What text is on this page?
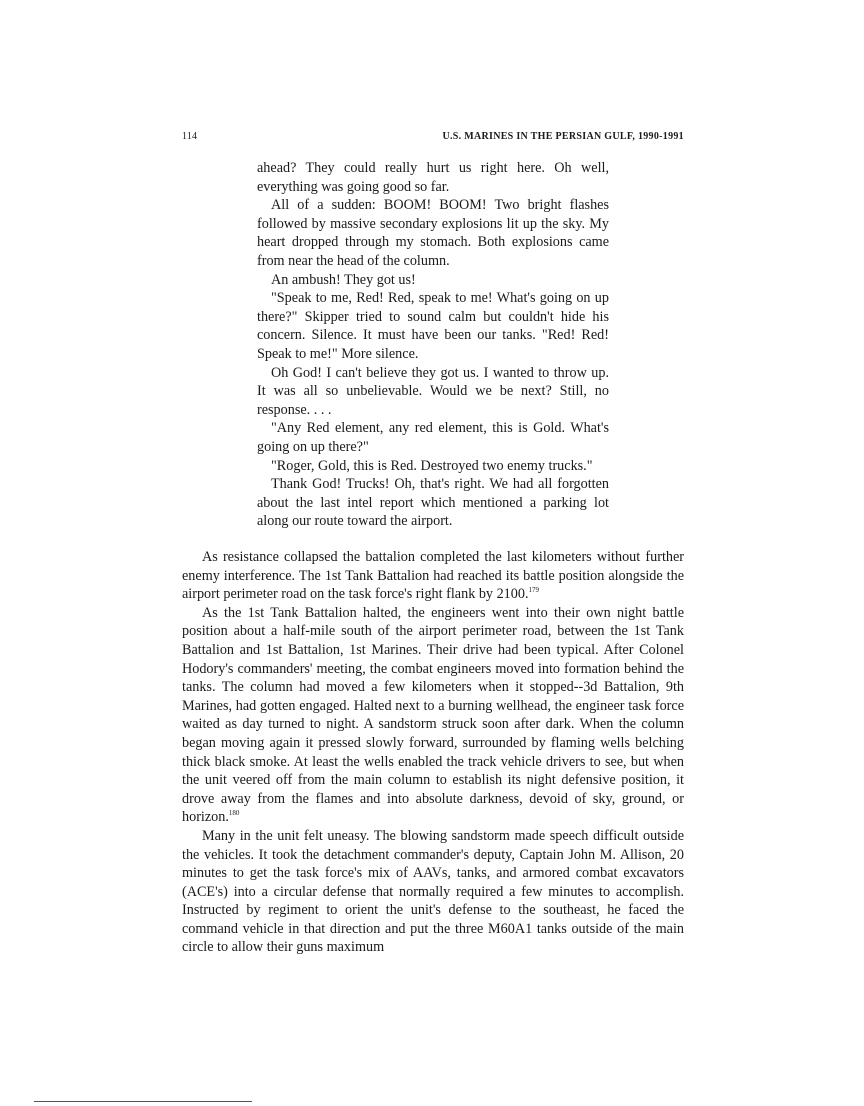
114	U.S. MARINES IN THE PERSIAN GULF, 1990-1991

ahead? They could really hurt us right here. Oh well, everything was going good so far.

All of a sudden: BOOM! BOOM! Two bright flashes followed by massive secondary explosions lit up the sky. My heart dropped through my stomach. Both explosions came from near the head of the column.

An ambush! They got us!

"Speak to me, Red! Red, speak to me! What's going on up there?" Skipper tried to sound calm but couldn't hide his concern. Silence. It must have been our tanks. "Red! Red! Speak to me!" More silence.

Oh God! I can't believe they got us. I wanted to throw up. It was all so unbelievable. Would we be next? Still, no response. . . .

"Any Red element, any red element, this is Gold. What's going on up there?"

"Roger, Gold, this is Red. Destroyed two enemy trucks."

Thank God! Trucks! Oh, that's right. We had all forgotten about the last intel report which mentioned a parking lot along our route toward the airport.

As resistance collapsed the battalion completed the last kilometers without further enemy interference. The 1st Tank Battalion had reached its battle position alongside the airport perimeter road on the task force's right flank by 2100.$^{179}$

As the 1st Tank Battalion halted, the engineers went into their own night battle position about a half-mile south of the airport perimeter road, between the 1st Tank Battalion and 1st Battalion, 1st Marines. Their drive had been typical. After Colonel Hodory's commanders' meeting, the combat engineers moved into formation behind the tanks. The column had moved a few kilometers when it stopped--3d Battalion, 9th Marines, had gotten engaged. Halted next to a burning wellhead, the engineer task force waited as day turned to night. A sandstorm struck soon after dark. When the column began moving again it pressed slowly forward, surrounded by flaming wells belching thick black smoke. At least the wells enabled the track vehicle drivers to see, but when the unit veered off from the main column to establish its night defensive position, it drove away from the flames and into absolute darkness, devoid of sky, ground, or horizon.$^{180}$

Many in the unit felt uneasy. The blowing sandstorm made speech difficult outside the vehicles. It took the detachment commander's deputy, Captain John M. Allison, 20 minutes to get the task force's mix of AAVs, tanks, and armored combat excavators (ACE's) into a circular defense that normally required a few minutes to accomplish. Instructed by regiment to orient the unit's defense to the southeast, he faced the command vehicle in that direction and put the three M60A1 tanks outside of the main circle to allow their guns maximum
